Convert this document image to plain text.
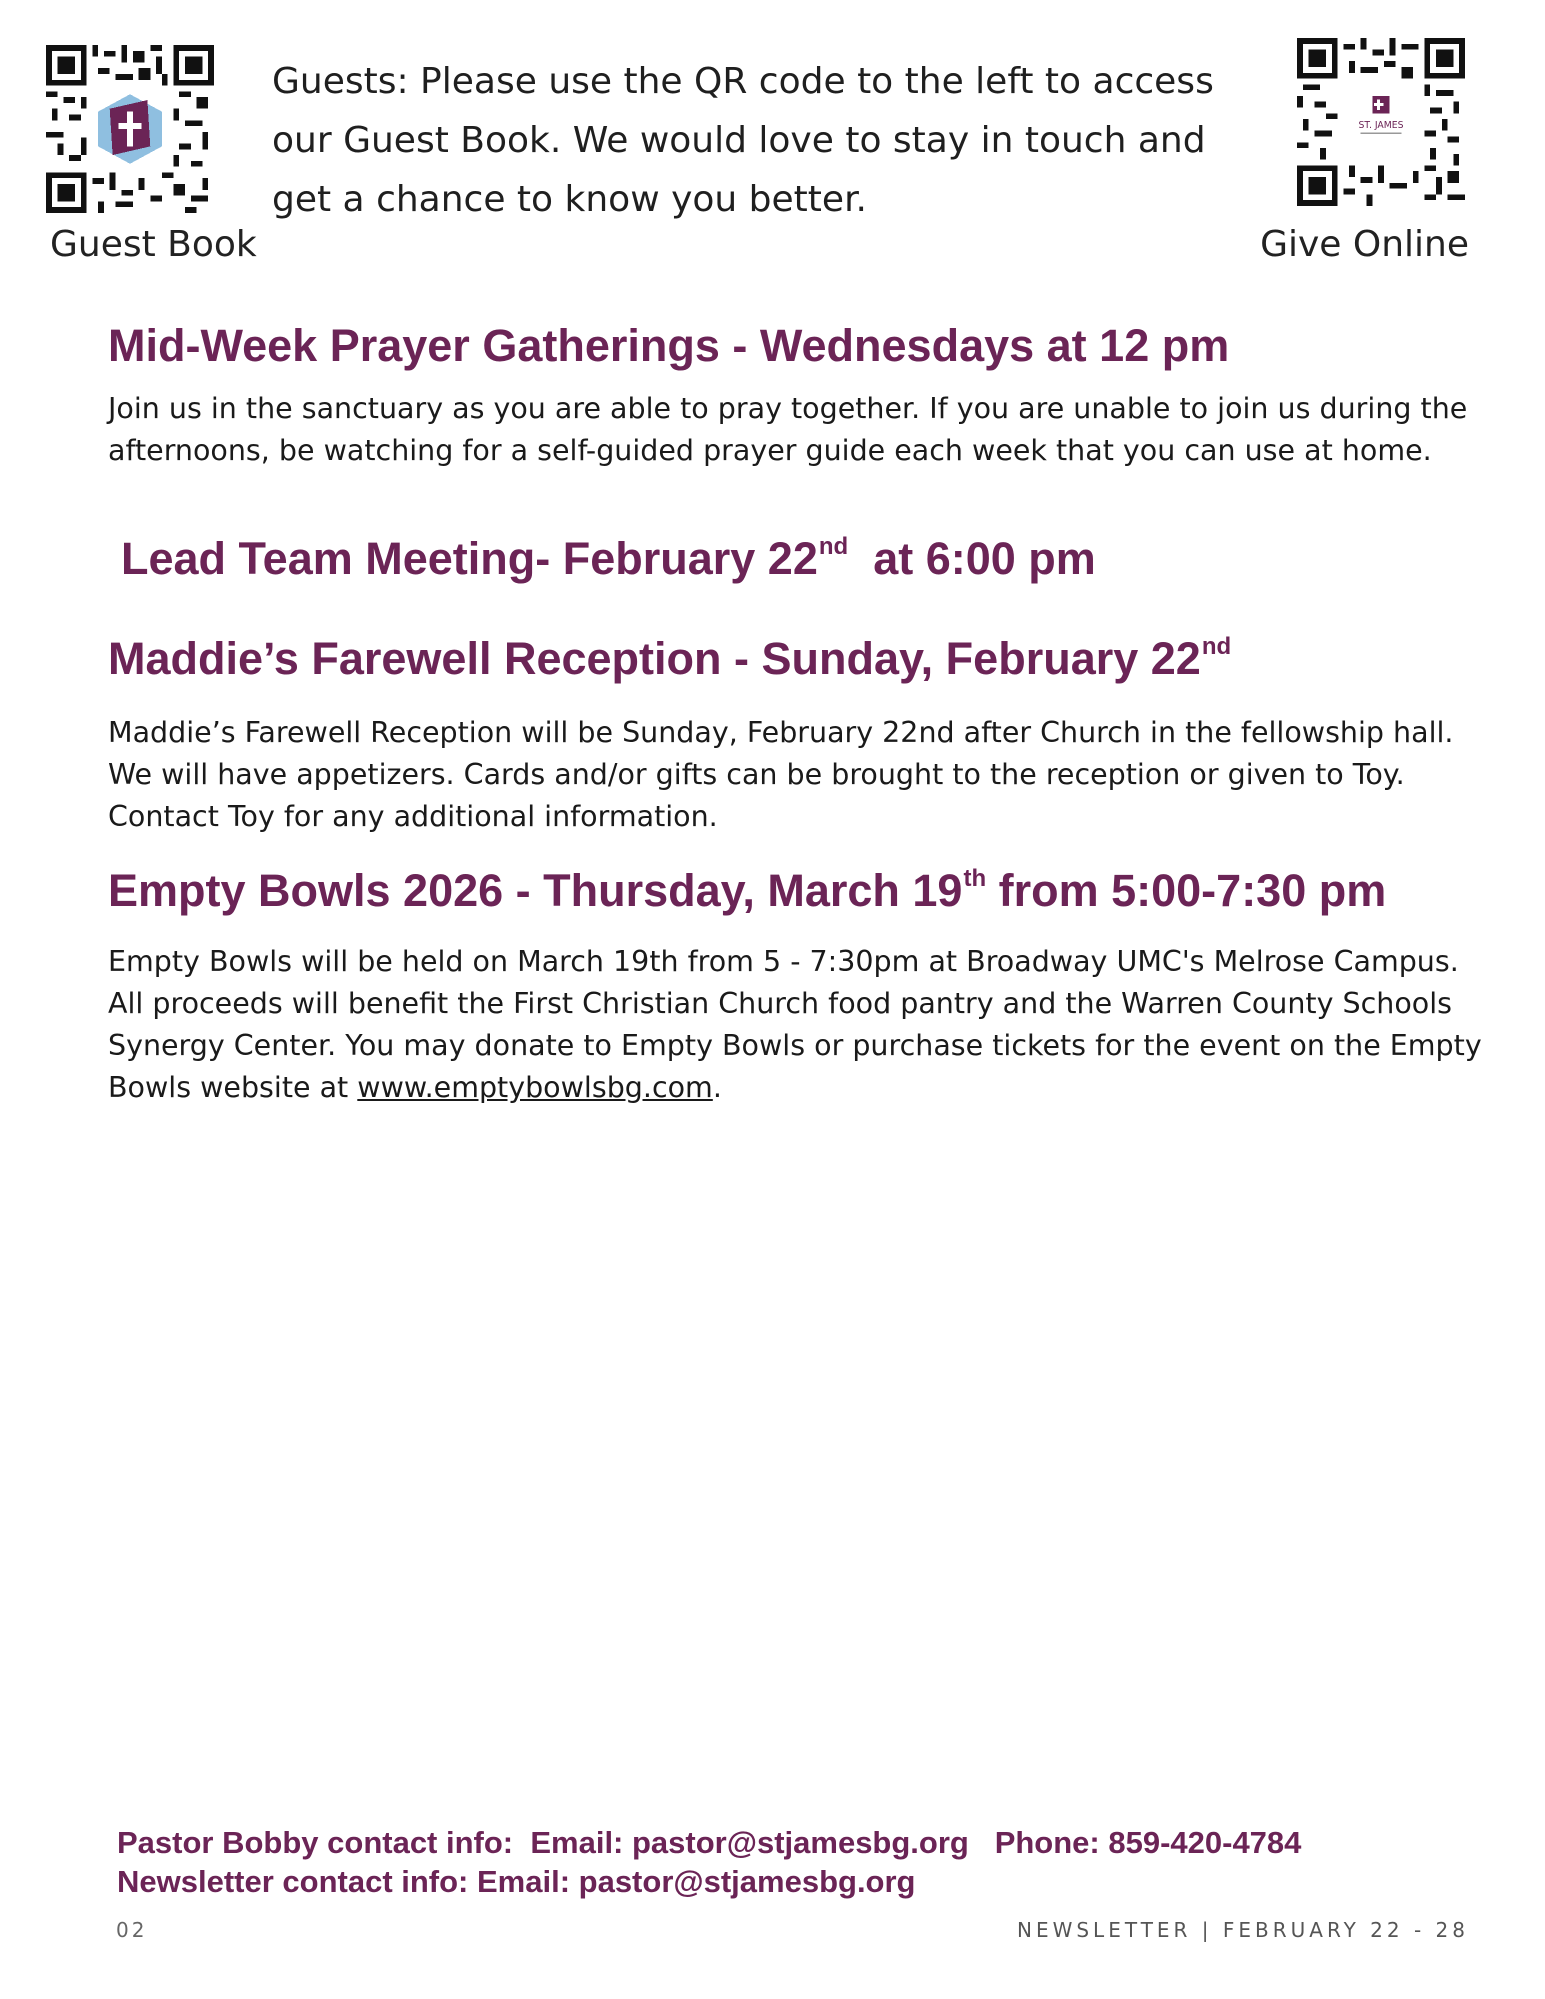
Guest Book
Guests: Please use the QR code to the left to access our Guest Book. We would love to stay in touch and get a chance to know you better.
ST. JAMES
Give Online
Mid-Week Prayer Gatherings - Wednesdays at 12 pm
Join us in the sanctuary as you are able to pray together. If you are unable to join us during the afternoons, be watching for a self-guided prayer guide each week that you can use at home.
Lead Team Meeting- February 22nd  at 6:00 pm
Maddie’s Farewell Reception - Sunday, February 22nd
Maddie’s Farewell Reception will be Sunday, February 22nd after Church in the fellowship hall. We will have appetizers. Cards and/or gifts can be brought to the reception or given to Toy. Contact Toy for any additional information.
Empty Bowls 2026 - Thursday, March 19th from 5:00-7:30 pm
Empty Bowls will be held on March 19th from 5 - 7:30pm at Broadway UMC's Melrose Campus. All proceeds will benefit the First Christian Church food pantry and the Warren County Schools Synergy Center. You may donate to Empty Bowls or purchase tickets for the event on the Empty Bowls website at www.emptybowlsbg.com.
Pastor Bobby contact info:  Email: pastor@stjamesbg.org   Phone: 859-420-4784
Newsletter contact info: Email: pastor@stjamesbg.org
02	NEWSLETTER | FEBRUARY 22 - 28
